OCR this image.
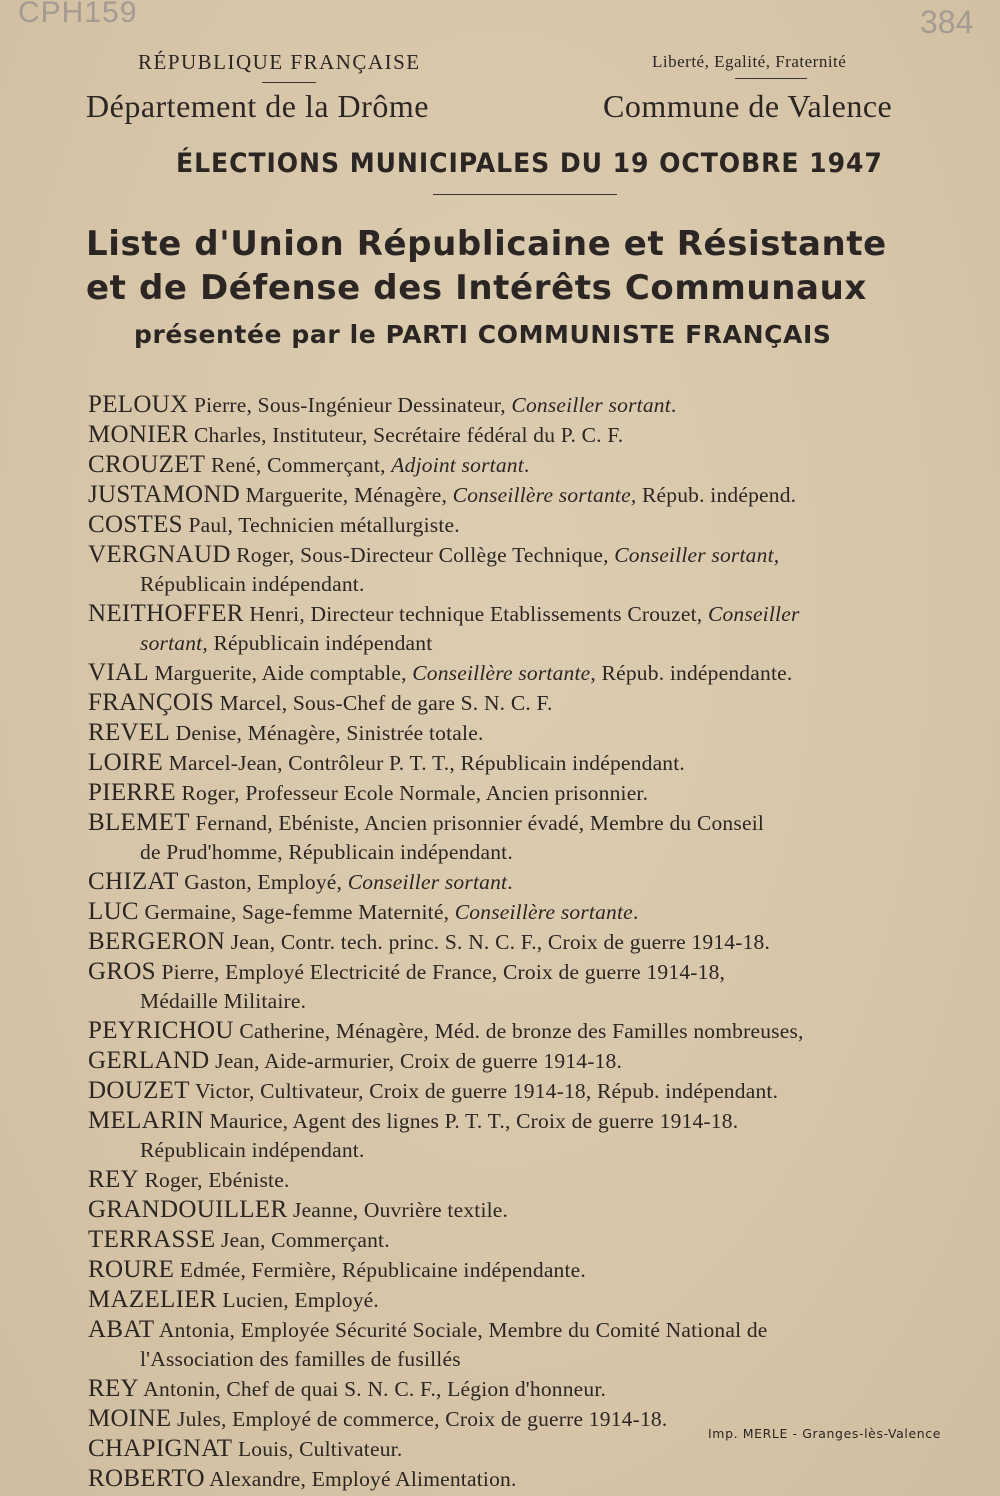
CPH159	384
RÉPUBLIQUE FRANÇAISE	Liberté, Egalité, Fraternité
Département de la Drôme	Commune de Valence
ÉLECTIONS MUNICIPALES DU 19 OCTOBRE 1947
Liste d'Union Républicaine et Résistante
et de Défense des Intérêts Communaux
présentée par le PARTI COMMUNISTE FRANÇAIS
PELOUX Pierre, Sous-Ingénieur Dessinateur, Conseiller sortant.
MONIER Charles, Instituteur, Secrétaire fédéral du P. C. F.
CROUZET René, Commerçant, Adjoint sortant.
JUSTAMOND Marguerite, Ménagère, Conseillère sortante, Répub. indépend.
COSTES Paul, Technicien métallurgiste.
VERGNAUD Roger, Sous-Directeur Collège Technique, Conseiller sortant,
Républicain indépendant.
NEITHOFFER Henri, Directeur technique Etablissements Crouzet, Conseiller
sortant, Républicain indépendant
VIAL Marguerite, Aide comptable, Conseillère sortante, Répub. indépendante.
FRANÇOIS Marcel, Sous-Chef de gare S. N. C. F.
REVEL Denise, Ménagère, Sinistrée totale.
LOIRE Marcel-Jean, Contrôleur P. T. T., Républicain indépendant.
PIERRE Roger, Professeur Ecole Normale, Ancien prisonnier.
BLEMET Fernand, Ebéniste, Ancien prisonnier évadé, Membre du Conseil
de Prud'homme, Républicain indépendant.
CHIZAT Gaston, Employé, Conseiller sortant.
LUC Germaine, Sage-femme Maternité, Conseillère sortante.
BERGERON Jean, Contr. tech. princ. S. N. C. F., Croix de guerre 1914-18.
GROS Pierre, Employé Electricité de France, Croix de guerre 1914-18,
Médaille Militaire.
PEYRICHOU Catherine, Ménagère, Méd. de bronze des Familles nombreuses,
GERLAND Jean, Aide-armurier, Croix de guerre 1914-18.
DOUZET Victor, Cultivateur, Croix de guerre 1914-18, Répub. indépendant.
MELARIN Maurice, Agent des lignes P. T. T., Croix de guerre 1914-18.
Républicain indépendant.
REY Roger, Ebéniste.
GRANDOUILLER Jeanne, Ouvrière textile.
TERRASSE Jean, Commerçant.
ROURE Edmée, Fermière, Républicaine indépendante.
MAZELIER Lucien, Employé.
ABAT Antonia, Employée Sécurité Sociale, Membre du Comité National de
l'Association des familles de fusillés
REY Antonin, Chef de quai S. N. C. F., Légion d'honneur.
MOINE Jules, Employé de commerce, Croix de guerre 1914-18.
CHAPIGNAT Louis, Cultivateur.
ROBERTO Alexandre, Employé Alimentation.
Imp. MERLE - Granges-lès-Valence
